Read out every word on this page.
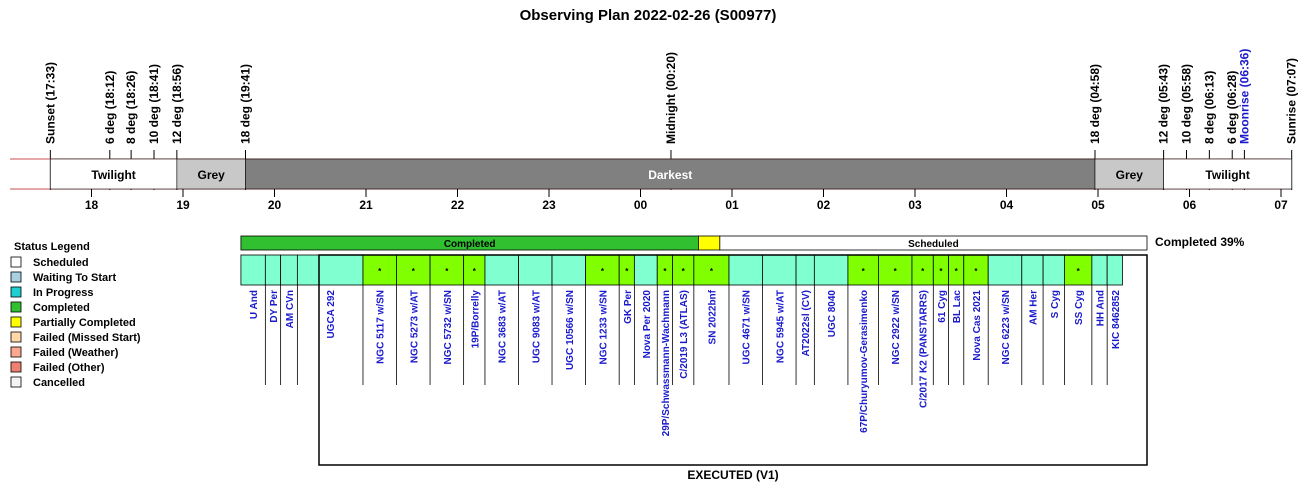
Observing Plan 2022-02-26 (S00977)
Sunset (17:33)	6 deg (18:12) 8 deg (18:26) 10 deg (18:41) 12 deg (18:56)	18 deg (19:41)	Midnight (00:20)	18 deg (04:58)	12 deg (05:43) 10 deg (05:58) 8 deg (06:13) 6 deg (06:28)
Moonrise (06:36)	Sunrise (07:07)
Twilight	Grey	Darkest	Grey	Twilight
18	19	20	21	22	23	00	01	02	03	04	05	06	07
Status Legend
Scheduled
Waiting To Start
In Progress
Completed
Partially Completed
Failed (Missed Start)
Failed (Weather)
Failed (Other)
Cancelled
Completed	Scheduled	Completed 39%
U And DY Per AM CVn	UGCA 292
*
NGC 5117 w/SN
*
NGC 5273 w/AT
*
NGC 5732 w/SN
*
19P/Borrelly NGC 3683 w/AT UGC 9083 w/AT UGC 10566 w/SN
*
NGC 1233 w/SN
*
GK Per Nova Per 2020
*
29P/Schwassmann-Wachmann
*
C/2019 L3 (ATLAS)
*
SN 2022bnf UGC 4671 w/SN NGC 5945 w/AT AT2022sl (CV) UGC 8040
*
67P/Churyumov-Gerasimenko
*
NGC 2922 w/SN
*
C/2017 K2 (PANSTARRS)
*
61 Cyg
*
BL Lac
*
Nova Cas 2021 NGC 6223 w/SN AM Her S Cyg
*
SS Cyg HH And KIC 8462852
EXECUTED (V1)
